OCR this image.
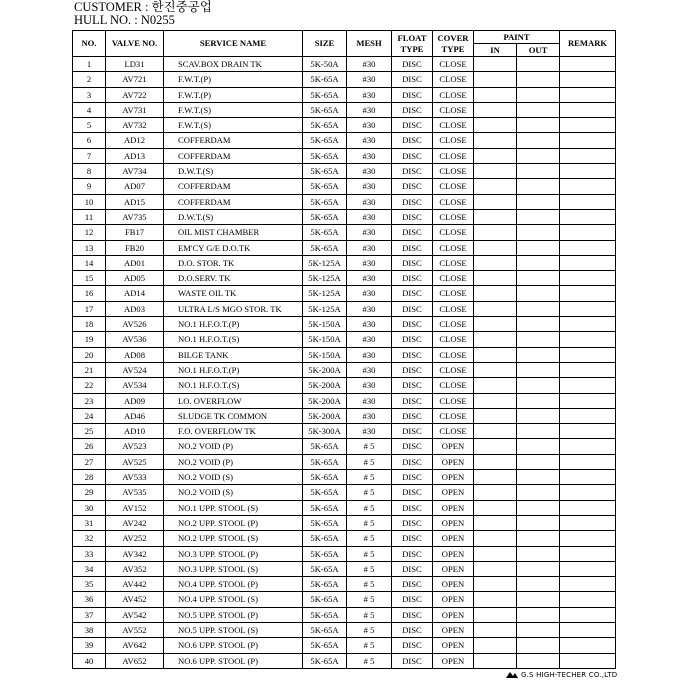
CUSTOMER : 한진중공업
HULL NO. : N0255
NO.	VALVE NO.	SERVICE NAME	SIZE	MESH	FLOAT TYPE	COVER TYPE	PAINT		REMARK
							IN	OUT	
1	LD31	SCAV.BOX DRAIN TK	5K-50A	#30	DISC	CLOSE			
2	AV721	F.W.T.(P)	5K-65A	#30	DISC	CLOSE			
3	AV722	F.W.T.(P)	5K-65A	#30	DISC	CLOSE			
4	AV731	F.W.T.(S)	5K-65A	#30	DISC	CLOSE			
5	AV732	F.W.T.(S)	5K-65A	#30	DISC	CLOSE			
6	AD12	COFFERDAM	5K-65A	#30	DISC	CLOSE			
7	AD13	COFFERDAM	5K-65A	#30	DISC	CLOSE			
8	AV734	D.W.T.(S)	5K-65A	#30	DISC	CLOSE			
9	AD07	COFFERDAM	5K-65A	#30	DISC	CLOSE			
10	AD15	COFFERDAM	5K-65A	#30	DISC	CLOSE			
11	AV735	D.W.T.(S)	5K-65A	#30	DISC	CLOSE			
12	FB17	OIL MIST CHAMBER	5K-65A	#30	DISC	CLOSE			
13	FB20	EM'CY G/E D.O.TK	5K-65A	#30	DISC	CLOSE			
14	AD01	D.O. STOR. TK	5K-125A	#30	DISC	CLOSE			
15	AD05	D.O.SERV. TK	5K-125A	#30	DISC	CLOSE			
16	AD14	WASTE OIL TK	5K-125A	#30	DISC	CLOSE			
17	AD03	ULTRA L/S MGO STOR. TK	5K-125A	#30	DISC	CLOSE			
18	AV526	NO.1 H.F.O.T.(P)	5K-150A	#30	DISC	CLOSE			
19	AV536	NO.1 H.F.O.T.(S)	5K-150A	#30	DISC	CLOSE			
20	AD08	BILGE TANK	5K-150A	#30	DISC	CLOSE			
21	AV524	NO.1 H.F.O.T.(P)	5K-200A	#30	DISC	CLOSE			
22	AV534	NO.1 H.F.O.T.(S)	5K-200A	#30	DISC	CLOSE			
23	AD09	LO. OVERFLOW	5K-200A	#30	DISC	CLOSE			
24	AD46	SLUDGE TK COMMON	5K-200A	#30	DISC	CLOSE			
25	AD10	F.O. OVERFLOW TK	5K-300A	#30	DISC	CLOSE			
26	AV523	NO.2 VOID (P)	5K-65A	# 5	DISC	OPEN			
27	AV525	NO.2 VOID (P)	5K-65A	# 5	DISC	OPEN			
28	AV533	NO.2 VOID (S)	5K-65A	# 5	DISC	OPEN			
29	AV535	NO.2 VOID (S)	5K-65A	# 5	DISC	OPEN			
30	AV152	NO.1 UPP. STOOL (S)	5K-65A	# 5	DISC	OPEN			
31	AV242	NO.2 UPP. STOOL (P)	5K-65A	# 5	DISC	OPEN			
32	AV252	NO.2 UPP. STOOL (S)	5K-65A	# 5	DISC	OPEN			
33	AV342	NO.3 UPP. STOOL (P)	5K-65A	# 5	DISC	OPEN			
34	AV352	NO.3 UPP. STOOL (S)	5K-65A	# 5	DISC	OPEN			
35	AV442	NO.4 UPP. STOOL (P)	5K-65A	# 5	DISC	OPEN			
36	AV452	NO.4 UPP. STOOL (S)	5K-65A	# 5	DISC	OPEN			
37	AV542	NO.5 UPP. STOOL (P)	5K-65A	# 5	DISC	OPEN			
38	AV552	NO.5 UPP. STOOL (S)	5K-65A	# 5	DISC	OPEN			
39	AV642	NO.6 UPP. STOOL (P)	5K-65A	# 5	DISC	OPEN			
40	AV652	NO.6 UPP. STOOL (P)	5K-65A	# 5	DISC	OPEN			
G.S HIGH-TECHER CO.,LTD
